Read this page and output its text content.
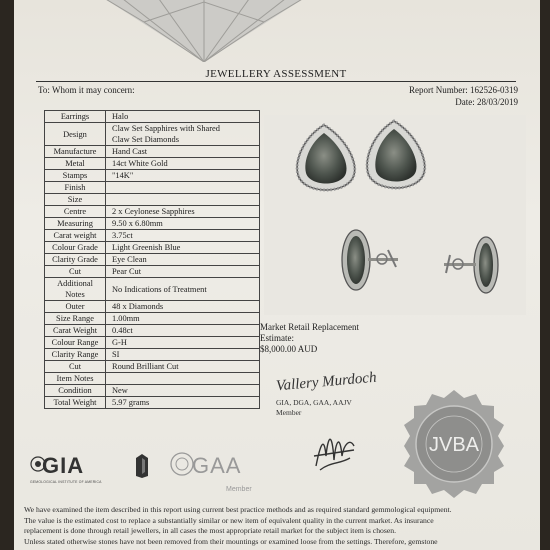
JEWELLERY ASSESSMENT
To: Whom it may concern:	Report Number: 162526-0319
Date: 28/03/2019
Earrings	Halo
Design	Claw Set Sapphires with Shared
Claw Set Diamonds

Manufacture	Hand Cast
Metal	14ct White Gold
Stamps	"14K"
Finish	
Size	
Centre	2 x Ceylonese Sapphires
Measuring	9.50 x 6.80mm
Carat weight	3.75ct
Colour Grade	Light Greenish Blue
Clarity Grade	Eye Clean
Cut	Pear Cut

Additional
Notes	No Indications of Treatment
Outer	48 x Diamonds
Size Range	1.00mm
Carat Weight	0.48ct
Colour Range	G-H
Clarity Range	SI
Cut	Round Brilliant Cut
Item Notes	
Condition	New
Total Weight	5.97 grams
Market Retail Replacement
Estimate:
$8,000.00 AUD
Vallery Murdoch
GIA, DGA, GAA, AAJV
Member
JVBA
GIA
GEMOLOGICAL INSTITUTE OF AMERICA
GAA
Member
We have examined the item described in this report using current best practice methods and as required standard gemmological equipment.
The value is the estimated cost to replace a substantially similar or new item of equivalent quality in the current market. As insurance
replacement is done through retail jewellers, in all cases the most appropriate retail market for the subject item is chosen.
Unless stated otherwise stones have not been removed from their mountings or examined loose from the settings. Therefore, gemstone
